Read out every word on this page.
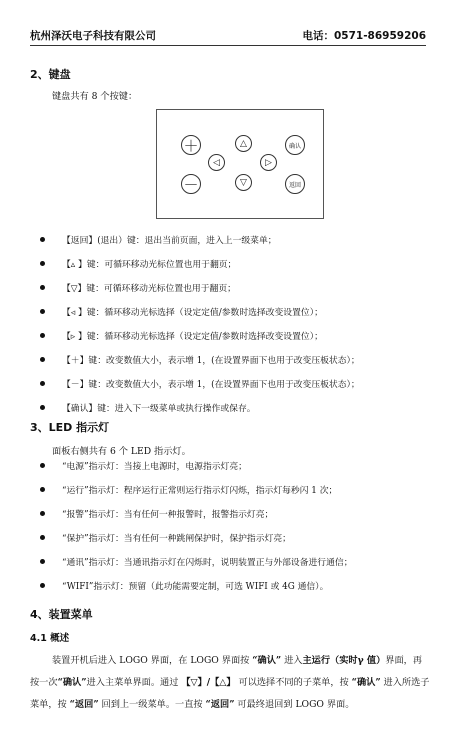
杭州泽沃电子科技有限公司	电话：0571-86959206
2、键盘
键盘共有 8 个按键：
＋	△	确认
◁	▷
－	▽	返回
【返回】(退出）键：退出当前页面，进入上一级菜单；
【▵ 】键：可循环移动光标位置也用于翻页；
【▽】键：可循环移动光标位置也用于翻页；
【◃ 】键：循环移动光标选择（设定定值/参数时选择改变设置位）；
【▹ 】键：循环移动光标选择（设定定值/参数时选择改变设置位）；
【＋】键：改变数值大小，表示增 1，(在设置界面下也用于改变压板状态）；
【－】键：改变数值大小，表示增 1，(在设置界面下也用于改变压板状态）；
【确认】键：进入下一级菜单或执行操作或保存。
3、LED 指示灯
面板右侧共有 6 个 LED 指示灯。
“电源”指示灯：当接上电源时，电源指示灯亮；
“运行”指示灯：程序运行正常则运行指示灯闪烁，指示灯每秒闪 1 次；
“报警”指示灯：当有任何一种报警时，报警指示灯亮；
“保护”指示灯：当有任何一种跳闸保护时，保护指示灯亮；
“通讯”指示灯：当通讯指示灯在闪烁时，说明装置正与外部设备进行通信；
“WIFI”指示灯：预留（此功能需要定制，可选 WIFI 或 4G 通信）。
4、装置菜单
4.1 概述
装置开机后进入 LOGO 界面，在 LOGO 界面按 “确认” 进入主运行（实时γ 值）界面，再按一次“确认”进入主菜单界面。通过 【▽】/【△】 可以选择不同的子菜单，按 “确认” 进入所选子菜单，按 “返回” 回到上一级菜单。一直按 “返回” 可最终退回到 LOGO 界面。
